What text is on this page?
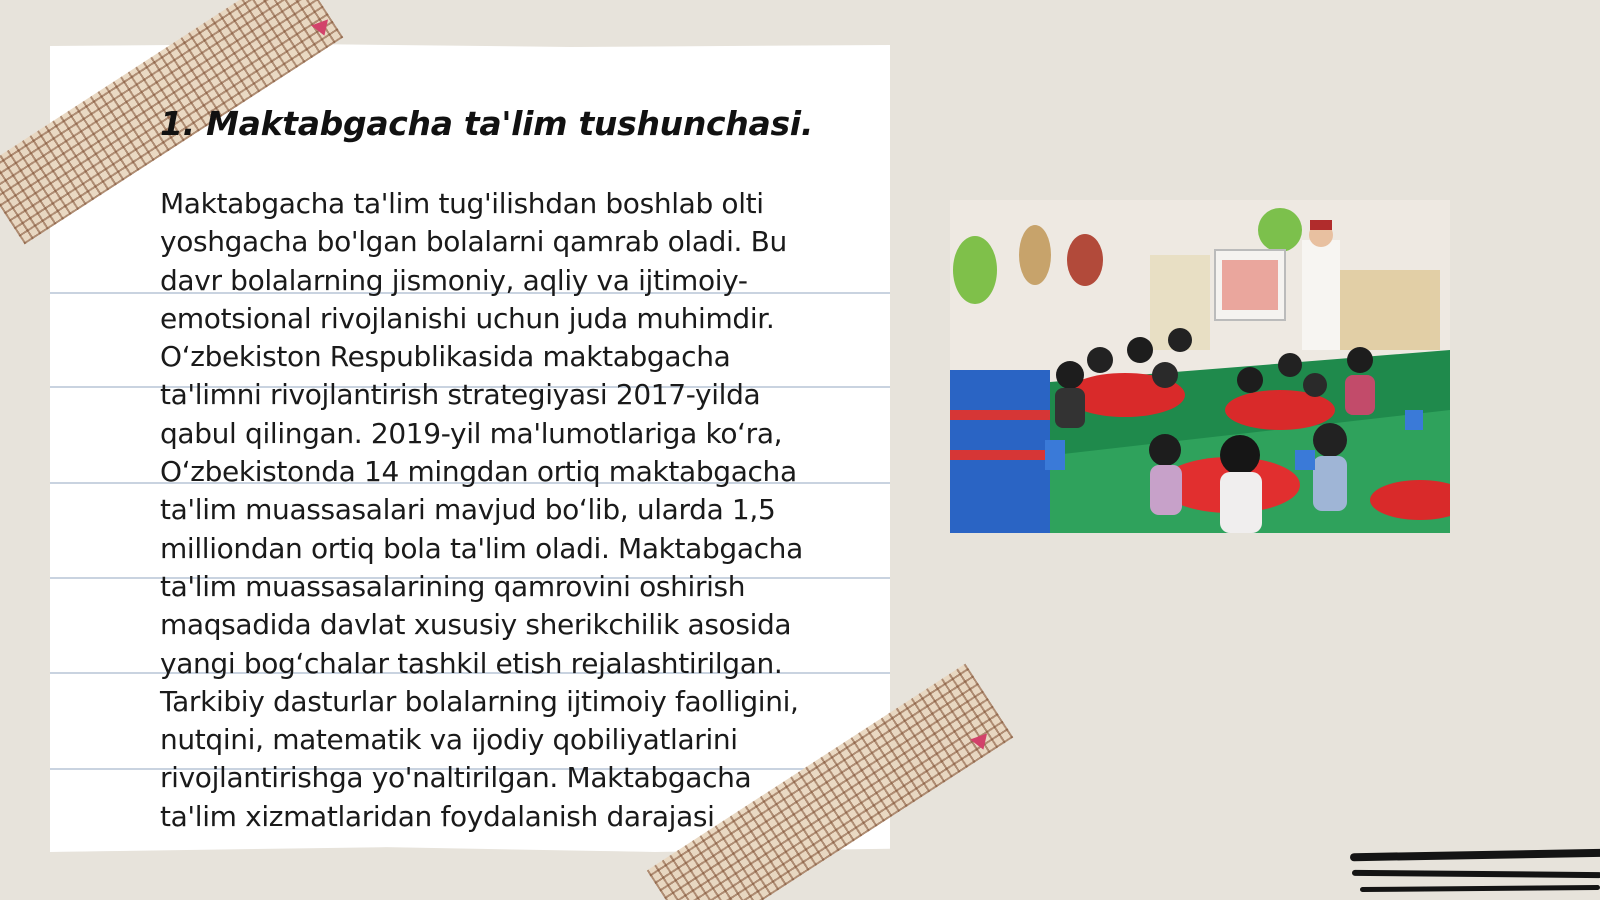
1. Maktabgacha ta'lim tushunchasi.

Maktabgacha ta'lim tug'ilishdan boshlab olti yoshgacha bo'lgan bolalarni qamrab oladi. Bu davr bolalarning jismoniy, aqliy va ijtimoiy-emotsional rivojlanishi uchun juda muhimdir. Oʻzbekiston Respublikasida maktabgacha ta'limni rivojlantirish strategiyasi 2017-yilda qabul qilingan. 2019-yil ma'lumotlariga koʻra, Oʻzbekistonda 14 mingdan ortiq maktabgacha ta'lim muassasalari mavjud boʻlib, ularda 1,5 milliondan ortiq bola ta'lim oladi. Maktabgacha ta'lim muassasalarining qamrovini oshirish maqsadida davlat xususiy sherikchilik asosida yangi bogʻchalar tashkil etish rejalashtirilgan. Tarkibiy dasturlar bolalarning ijtimoiy faolligini, nutqini, matematik va ijodiy qobiliyatlarini rivojlantirishga yo'naltirilgan. Maktabgacha ta'lim xizmatlaridan foydalanish darajasi
